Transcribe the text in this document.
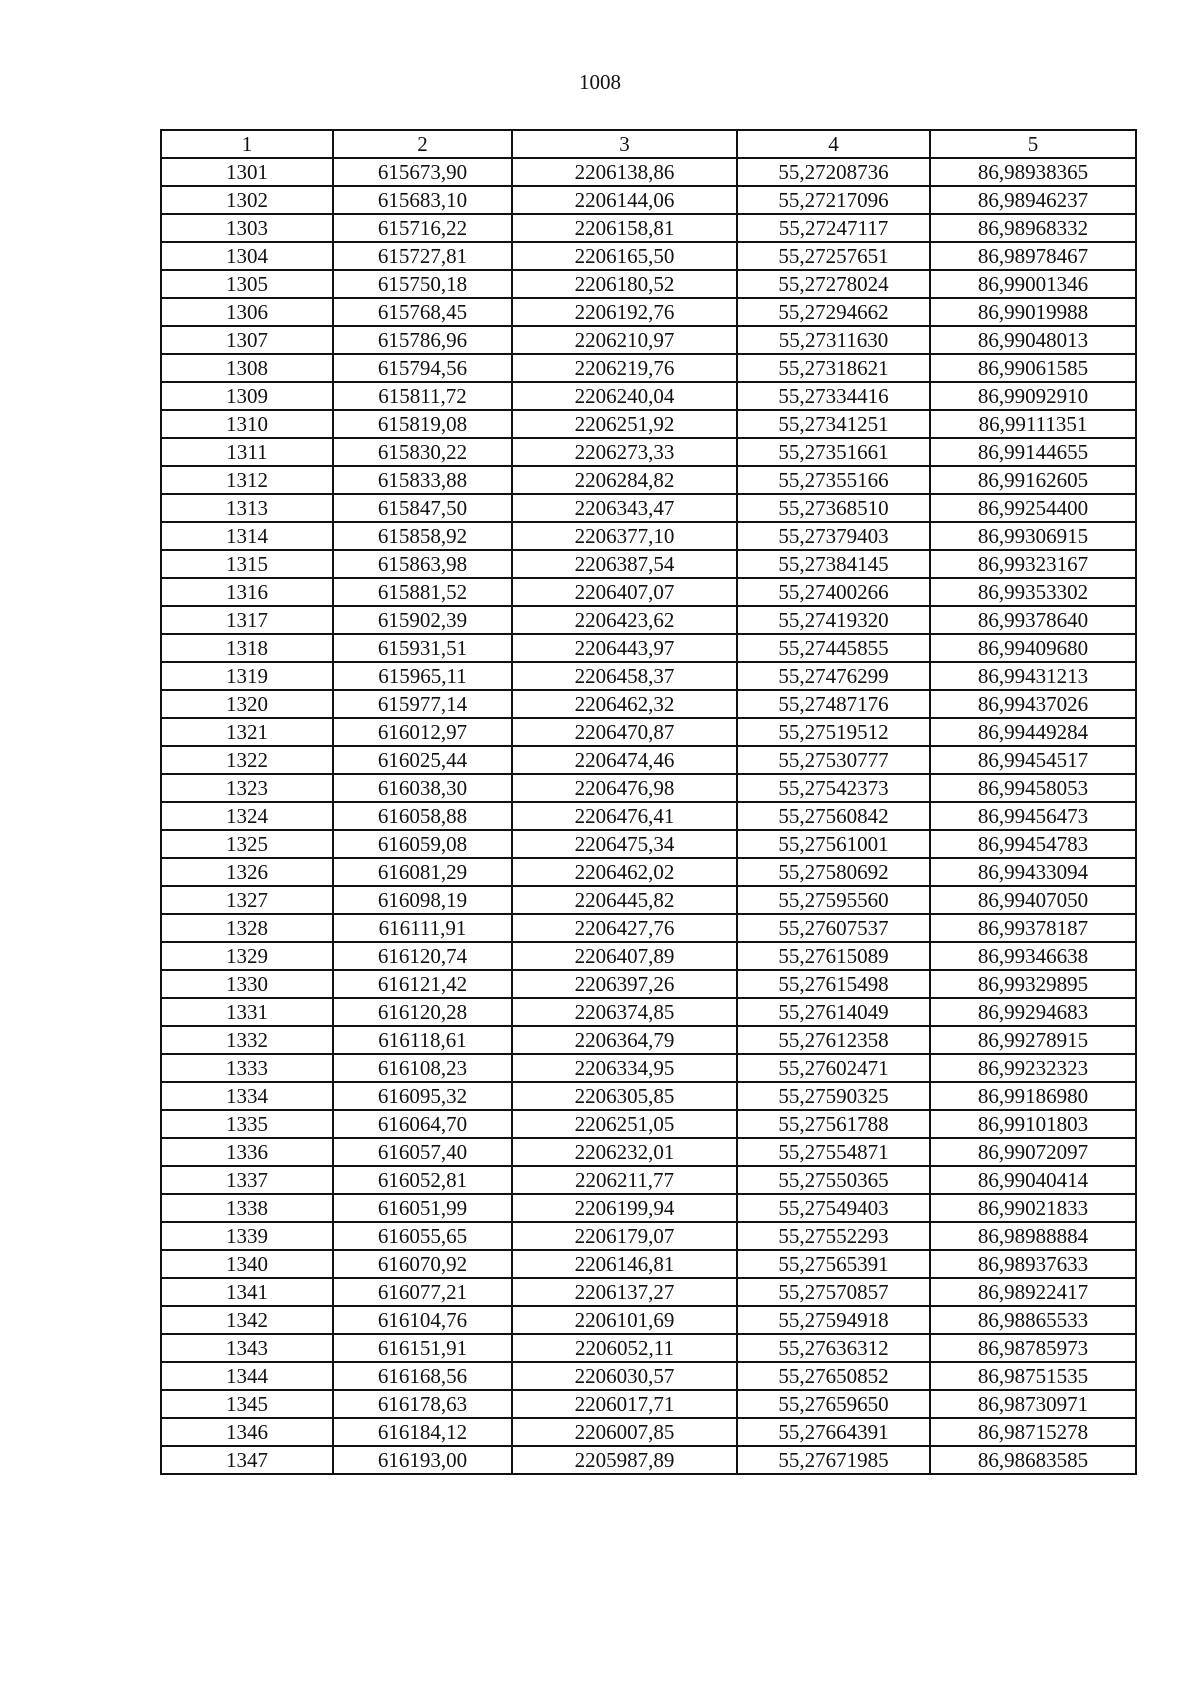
1008
1	2	3	4	5
1301	615673,90	2206138,86	55,27208736	86,98938365
1302	615683,10	2206144,06	55,27217096	86,98946237
1303	615716,22	2206158,81	55,27247117	86,98968332
1304	615727,81	2206165,50	55,27257651	86,98978467
1305	615750,18	2206180,52	55,27278024	86,99001346
1306	615768,45	2206192,76	55,27294662	86,99019988
1307	615786,96	2206210,97	55,27311630	86,99048013
1308	615794,56	2206219,76	55,27318621	86,99061585
1309	615811,72	2206240,04	55,27334416	86,99092910
1310	615819,08	2206251,92	55,27341251	86,99111351
1311	615830,22	2206273,33	55,27351661	86,99144655
1312	615833,88	2206284,82	55,27355166	86,99162605
1313	615847,50	2206343,47	55,27368510	86,99254400
1314	615858,92	2206377,10	55,27379403	86,99306915
1315	615863,98	2206387,54	55,27384145	86,99323167
1316	615881,52	2206407,07	55,27400266	86,99353302
1317	615902,39	2206423,62	55,27419320	86,99378640
1318	615931,51	2206443,97	55,27445855	86,99409680
1319	615965,11	2206458,37	55,27476299	86,99431213
1320	615977,14	2206462,32	55,27487176	86,99437026
1321	616012,97	2206470,87	55,27519512	86,99449284
1322	616025,44	2206474,46	55,27530777	86,99454517
1323	616038,30	2206476,98	55,27542373	86,99458053
1324	616058,88	2206476,41	55,27560842	86,99456473
1325	616059,08	2206475,34	55,27561001	86,99454783
1326	616081,29	2206462,02	55,27580692	86,99433094
1327	616098,19	2206445,82	55,27595560	86,99407050
1328	616111,91	2206427,76	55,27607537	86,99378187
1329	616120,74	2206407,89	55,27615089	86,99346638
1330	616121,42	2206397,26	55,27615498	86,99329895
1331	616120,28	2206374,85	55,27614049	86,99294683
1332	616118,61	2206364,79	55,27612358	86,99278915
1333	616108,23	2206334,95	55,27602471	86,99232323
1334	616095,32	2206305,85	55,27590325	86,99186980
1335	616064,70	2206251,05	55,27561788	86,99101803
1336	616057,40	2206232,01	55,27554871	86,99072097
1337	616052,81	2206211,77	55,27550365	86,99040414
1338	616051,99	2206199,94	55,27549403	86,99021833
1339	616055,65	2206179,07	55,27552293	86,98988884
1340	616070,92	2206146,81	55,27565391	86,98937633
1341	616077,21	2206137,27	55,27570857	86,98922417
1342	616104,76	2206101,69	55,27594918	86,98865533
1343	616151,91	2206052,11	55,27636312	86,98785973
1344	616168,56	2206030,57	55,27650852	86,98751535
1345	616178,63	2206017,71	55,27659650	86,98730971
1346	616184,12	2206007,85	55,27664391	86,98715278
1347	616193,00	2205987,89	55,27671985	86,98683585
